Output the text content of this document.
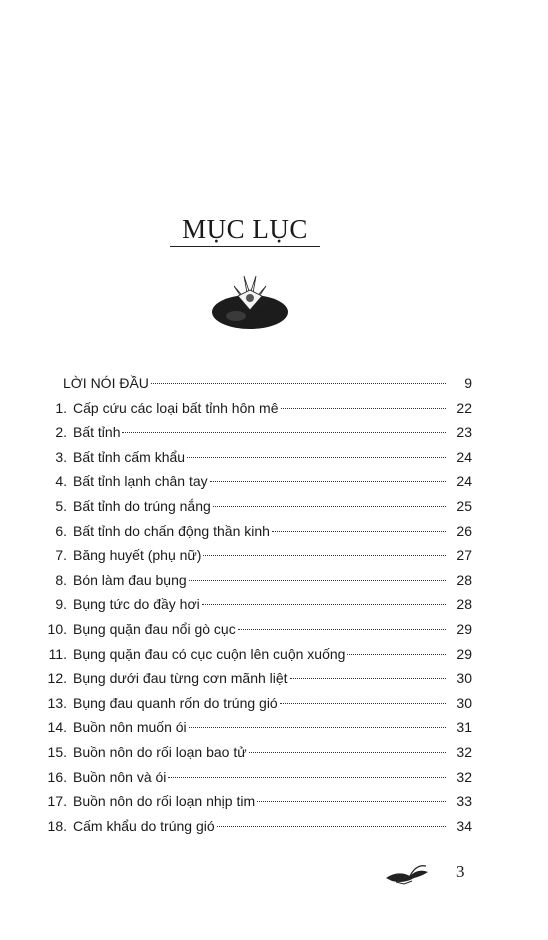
MỤC LỤC
LỜI NÓI ĐẦU	9
1. Cấp cứu các loại bất tỉnh hôn mê	22
2. Bất tỉnh	23
3. Bất tỉnh cấm khẩu	24
4. Bất tỉnh lạnh chân tay	24
5. Bất tỉnh do trúng nắng	25
6. Bất tỉnh do chấn động thần kinh	26
7. Băng huyết (phụ nữ)	27
8. Bón làm đau bụng	28
9. Bụng tức do đầy hơi	28
10. Bụng quặn đau nổi gò cục	29
11. Bụng quặn đau có cục cuộn lên cuộn xuống	29
12. Bụng dưới đau từng cơn mãnh liệt	30
13. Bụng đau quanh rốn do trúng gió	30
14. Buồn nôn muốn ói	31
15. Buồn nôn do rối loạn bao tử	32
16. Buồn nôn và ói	32
17. Buồn nôn do rối loạn nhịp tim	33
18. Cấm khẩu do trúng gió	34
3
